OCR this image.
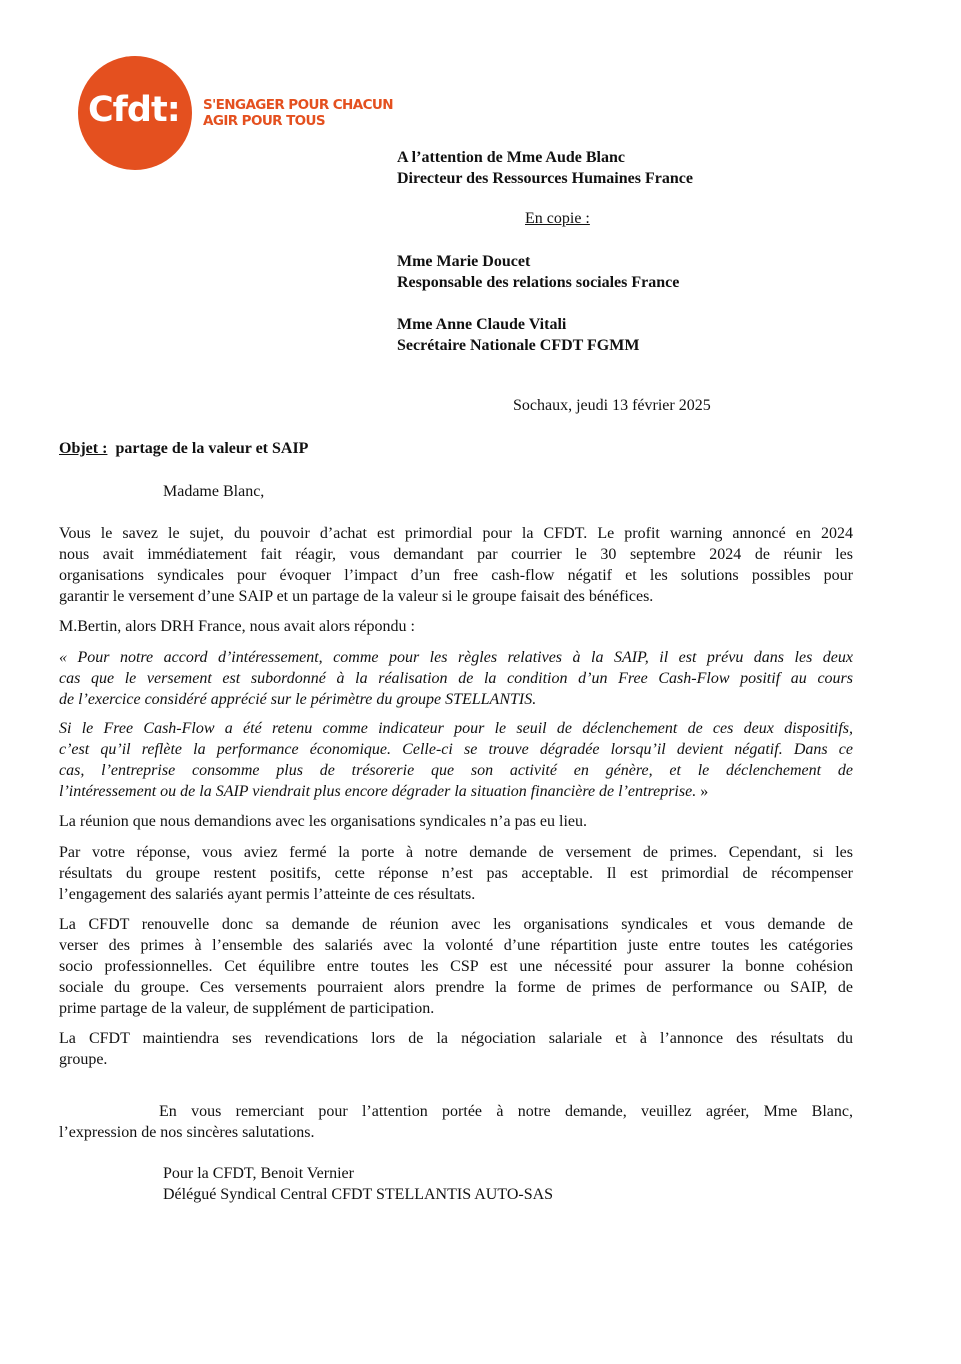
Cfdt: S'ENGAGER POUR CHACUN
AGIR POUR TOUS
A l’attention de Mme Aude Blanc
Directeur des Ressources Humaines France
En copie :
Mme Marie Doucet
Responsable des relations sociales France
Mme Anne Claude Vitali
Secrétaire Nationale CFDT FGMM
Sochaux, jeudi 13 février 2025
Objet : partage de la valeur et SAIP
Madame Blanc,
Vous le savez le sujet, du pouvoir d’achat est primordial pour la CFDT. Le profit warning annoncé en 2024
nous avait immédiatement fait réagir, vous demandant par courrier le 30 septembre 2024 de réunir les
organisations syndicales pour évoquer l’impact d’un free cash-flow négatif et les solutions possibles pour
garantir le versement d’une SAIP et un partage de la valeur si le groupe faisait des bénéfices.
M.Bertin, alors DRH France, nous avait alors répondu :
« Pour notre accord d’intéressement, comme pour les règles relatives à la SAIP, il est prévu dans les deux
cas que le versement est subordonné à la réalisation de la condition d’un Free Cash-Flow positif au cours
de l’exercice considéré apprécié sur le périmètre du groupe STELLANTIS.
Si le Free Cash-Flow a été retenu comme indicateur pour le seuil de déclenchement de ces deux dispositifs,
c’est qu’il reflète la performance économique. Celle-ci se trouve dégradée lorsqu’il devient négatif. Dans ce
cas, l’entreprise consomme plus de trésorerie que son activité en génère, et le déclenchement de
l’intéressement ou de la SAIP viendrait plus encore dégrader la situation financière de l’entreprise. »
La réunion que nous demandions avec les organisations syndicales n’a pas eu lieu.
Par votre réponse, vous aviez fermé la porte à notre demande de versement de primes. Cependant, si les
résultats du groupe restent positifs, cette réponse n’est pas acceptable. Il est primordial de récompenser
l’engagement des salariés ayant permis l’atteinte de ces résultats.
La CFDT renouvelle donc sa demande de réunion avec les organisations syndicales et vous demande de
verser des primes à l’ensemble des salariés avec la volonté d’une répartition juste entre toutes les catégories
socio professionnelles. Cet équilibre entre toutes les CSP est une nécessité pour assurer la bonne cohésion
sociale du groupe. Ces versements pourraient alors prendre la forme de primes de performance ou SAIP, de
prime partage de la valeur, de supplément de participation.
La CFDT maintiendra ses revendications lors de la négociation salariale et à l’annonce des résultats du
groupe.
En vous remerciant pour l’attention portée à notre demande, veuillez agréer, Mme Blanc,
l’expression de nos sincères salutations.
Pour la CFDT, Benoit Vernier
Délégué Syndical Central CFDT STELLANTIS AUTO-SAS
